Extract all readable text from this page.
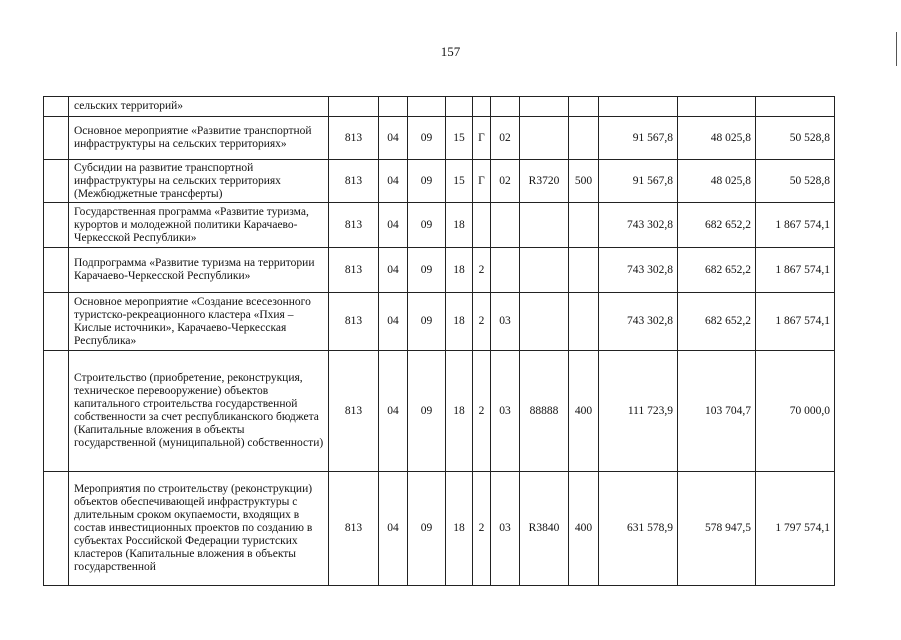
157
	сельских территорий»											
	Основное мероприятие «Развитие транспортной инфраструктуры на сельских территориях»	813	04	09	15	Г	02			91 567,8	48 025,8	50 528,8
	Субсидии на развитие транспортной инфраструктуры на сельских территориях (Межбюджетные трансферты)	813	04	09	15	Г	02	R3720	500	91 567,8	48 025,8	50 528,8
	Государственная программа «Развитие туризма, курортов и молодежной политики Карачаево-Черкесской Республики»	813	04	09	18					743 302,8	682 652,2	1 867 574,1
	Подпрограмма «Развитие туризма на территории Карачаево-Черкесской Республики»	813	04	09	18	2				743 302,8	682 652,2	1 867 574,1
	Основное мероприятие «Создание всесезонного туристско-рекреационного кластера «Пхия – Кислые источники», Карачаево-Черкесская Республика»	813	04	09	18	2	03			743 302,8	682 652,2	1 867 574,1
	Строительство (приобретение, реконструкция, техническое перевооружение) объектов капитального строительства государственной собственности за счет республиканского бюджета (Капитальные вложения в объекты государственной (муниципальной) собственности)	813	04	09	18	2	03	88888	400	111 723,9	103 704,7	70 000,0
	Мероприятия по строительству (реконструкции) объектов обеспечивающей инфраструктуры с длительным сроком окупаемости, входящих в состав инвестиционных проектов по созданию в субъектах Российской Федерации туристских кластеров (Капитальные вложения в объекты государственной	813	04	09	18	2	03	R3840	400	631 578,9	578 947,5	1 797 574,1
